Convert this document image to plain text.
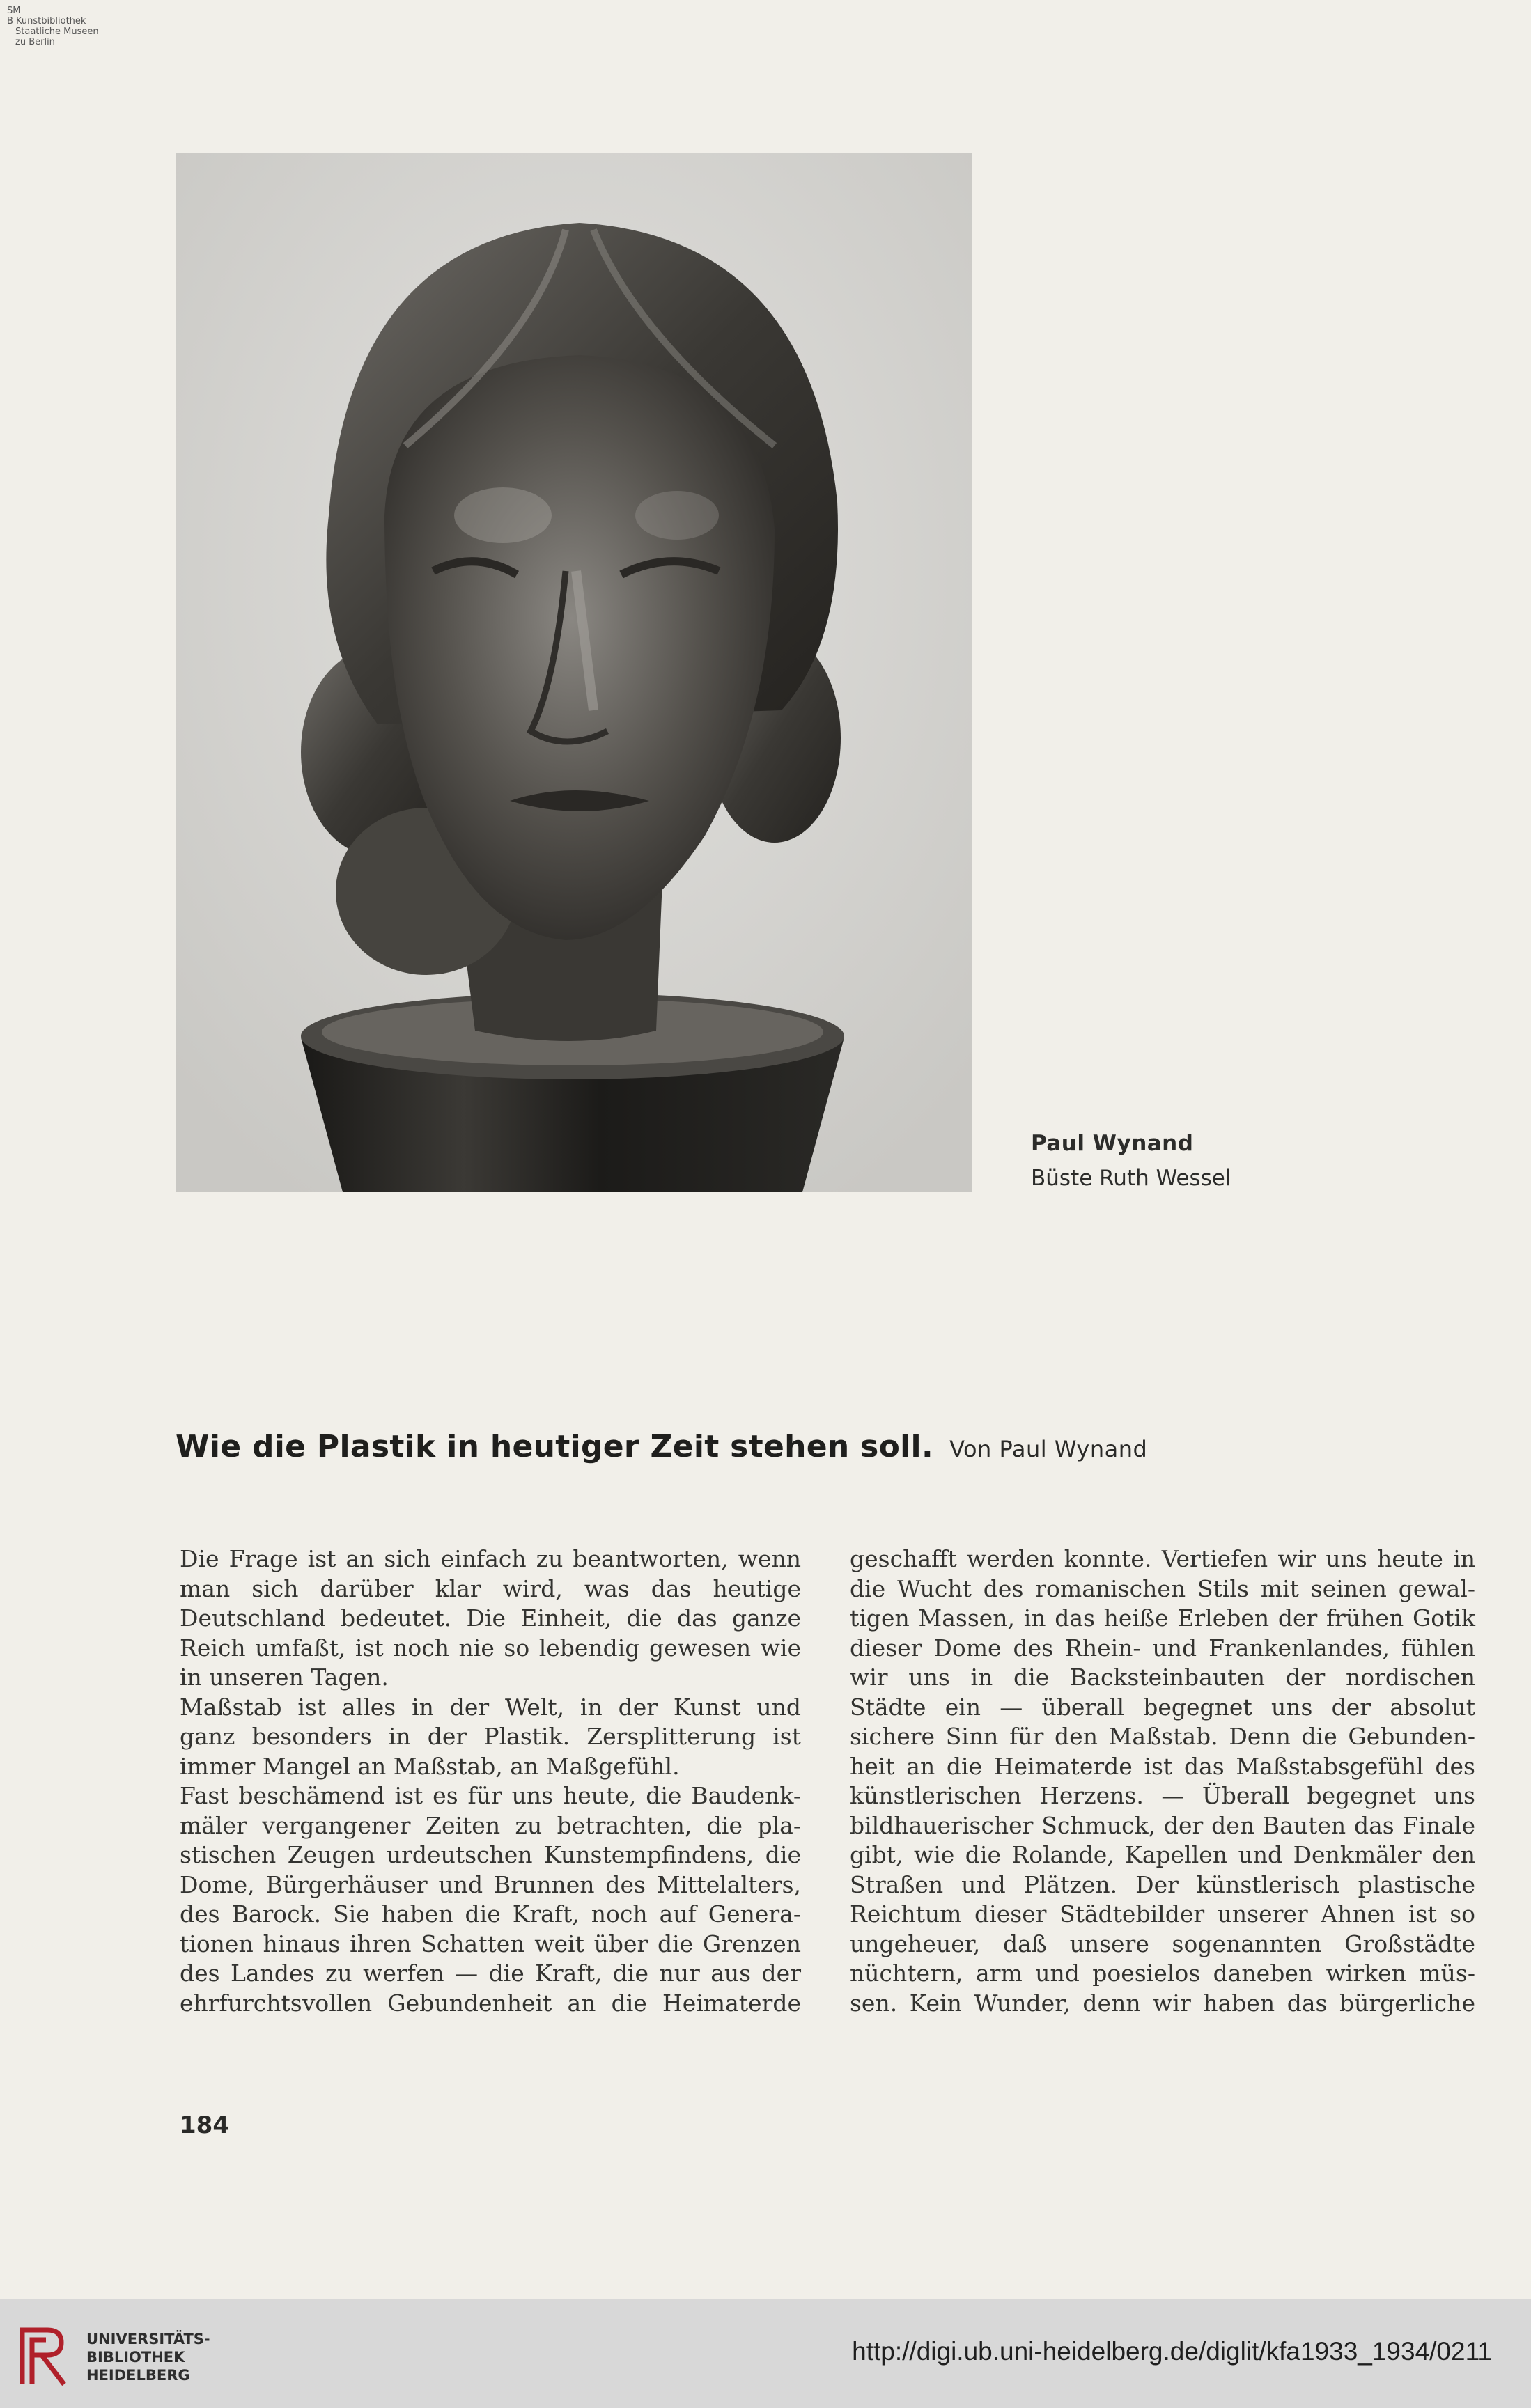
SM
B Kunstbibliothek
Staatliche Museen
zu Berlin
Paul Wynand
Büste Ruth Wessel
Wie die Plastik in heutiger Zeit stehen soll. Von Paul Wynand
Die Frage ist an sich einfach zu beantworten, wenn
man sich darüber klar wird, was das heutige
Deutschland bedeutet. Die Einheit, die das ganze
Reich umfaßt, ist noch nie so lebendig gewesen wie
in unseren Tagen.
Maßstab ist alles in der Welt, in der Kunst und
ganz besonders in der Plastik. Zersplitterung ist
immer Mangel an Maßstab, an Maßgefühl.
Fast beschämend ist es für uns heute, die Baudenk-
mäler vergangener Zeiten zu betrachten, die pla-
stischen Zeugen urdeutschen Kunstempfindens, die
Dome, Bürgerhäuser und Brunnen des Mittelalters,
des Barock. Sie haben die Kraft, noch auf Genera-
tionen hinaus ihren Schatten weit über die Grenzen
des Landes zu werfen — die Kraft, die nur aus der
ehrfurchtsvollen Gebundenheit an die Heimaterde
geschafft werden konnte. Vertiefen wir uns heute in
die Wucht des romanischen Stils mit seinen gewal-
tigen Massen, in das heiße Erleben der frühen Gotik
dieser Dome des Rhein- und Frankenlandes, fühlen
wir uns in die Backsteinbauten der nordischen
Städte ein — überall begegnet uns der absolut
sichere Sinn für den Maßstab. Denn die Gebunden-
heit an die Heimaterde ist das Maßstabsgefühl des
künstlerischen Herzens. — Überall begegnet uns
bildhauerischer Schmuck, der den Bauten das Finale
gibt, wie die Rolande, Kapellen und Denkmäler den
Straßen und Plätzen. Der künstlerisch plastische
Reichtum dieser Städtebilder unserer Ahnen ist so
ungeheuer, daß unsere sogenannten Großstädte
nüchtern, arm und poesielos daneben wirken müs-
sen. Kein Wunder, denn wir haben das bürgerliche
184
UNIVERSITÄTS-
BIBLIOTHEK
HEIDELBERG
http://digi.ub.uni-heidelberg.de/diglit/kfa1933_1934/0211
